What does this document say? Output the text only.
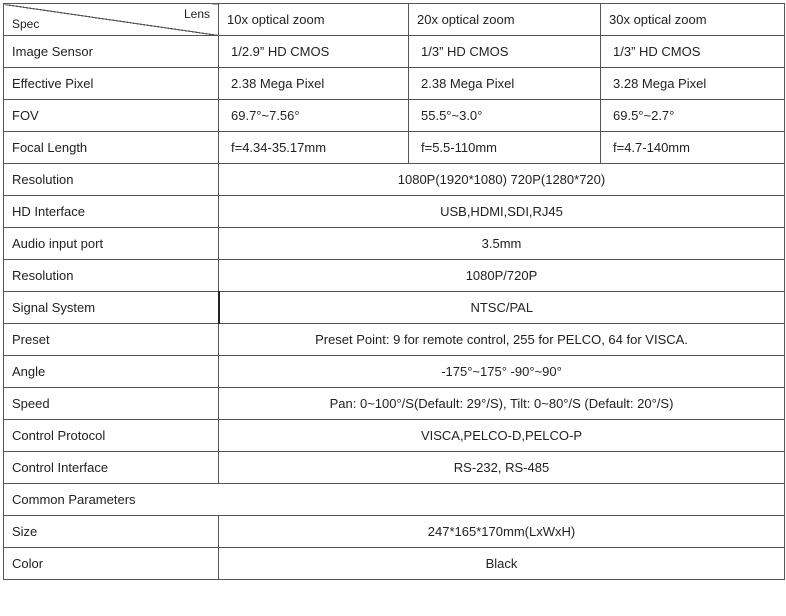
Spec
Lens	10x optical zoom	20x optical zoom	30x optical zoom
Image Sensor	1/2.9” HD CMOS	1/3” HD CMOS	1/3” HD CMOS
Effective Pixel	2.38 Mega Pixel	2.38 Mega Pixel	3.28 Mega Pixel
FOV	69.7°~7.56°	55.5°~3.0°	69.5°~2.7°
Focal Length	f=4.34-35.17mm	f=5.5-110mm	f=4.7-140mm
Resolution	1080P(1920*1080) 720P(1280*720)		
HD Interface	USB,HDMI,SDI,RJ45		
Audio input port	3.5mm		
Resolution	1080P/720P		
Signal System	NTSC/PAL		
Preset	Preset Point: 9 for remote control, 255 for PELCO, 64 for VISCA.		
Angle	-175°~175° -90°~90°		
Speed	Pan: 0~100°/S(Default: 29°/S), Tilt: 0~80°/S (Default: 20°/S)		
Control Protocol	VISCA,PELCO-D,PELCO-P		
Control Interface	RS-232, RS-485		
Common Parameters			
Size	247*165*170mm(LxWxH)		
Color	Black		
